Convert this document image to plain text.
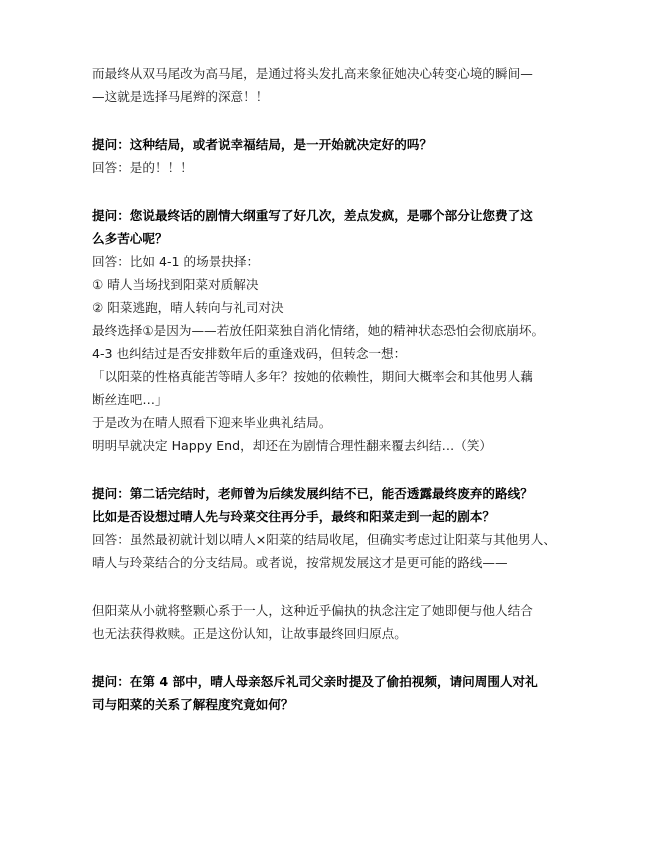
而最终从双马尾改为高马尾，是通过将头发扎高来象征她决心转变心境的瞬间—
—这就是选择马尾辫的深意！！
提问：这种结局，或者说幸福结局，是一开始就决定好的吗？
回答：是的！！！
提问：您说最终话的剧情大纲重写了好几次，差点发疯，是哪个部分让您费了这
么多苦心呢？
回答：比如 4-1 的场景抉择：
① 晴人当场找到阳菜对质解决
② 阳菜逃跑，晴人转向与礼司对決
最终选择①是因为——若放任阳菜独自消化情绪，她的精神状态恐怕会彻底崩坏。
4-3 也纠结过是否安排数年后的重逢戏码，但转念一想：
「以阳菜的性格真能苦等晴人多年？按她的依赖性，期间大概率会和其他男人藕
断丝连吧…」
于是改为在晴人照看下迎来毕业典礼结局。
明明早就决定 Happy End，却还在为剧情合理性翻来覆去纠结…（笑）
提问：第二话完结时，老师曾为后续发展纠结不已，能否透露最终废弃的路线？
比如是否设想过晴人先与玲菜交往再分手，最终和阳菜走到一起的剧本？
回答：虽然最初就计划以晴人×阳菜的结局收尾，但确实考虑过让阳菜与其他男人、
晴人与玲菜结合的分支结局。或者说，按常规发展这才是更可能的路线——
但阳菜从小就将整颗心系于一人，这种近乎偏执的执念注定了她即便与他人结合
也无法获得救赎。正是这份认知，让故事最终回归原点。
提问：在第 4 部中，晴人母亲怒斥礼司父亲时提及了偷拍视频，请问周围人对礼
司与阳菜的关系了解程度究竟如何？
